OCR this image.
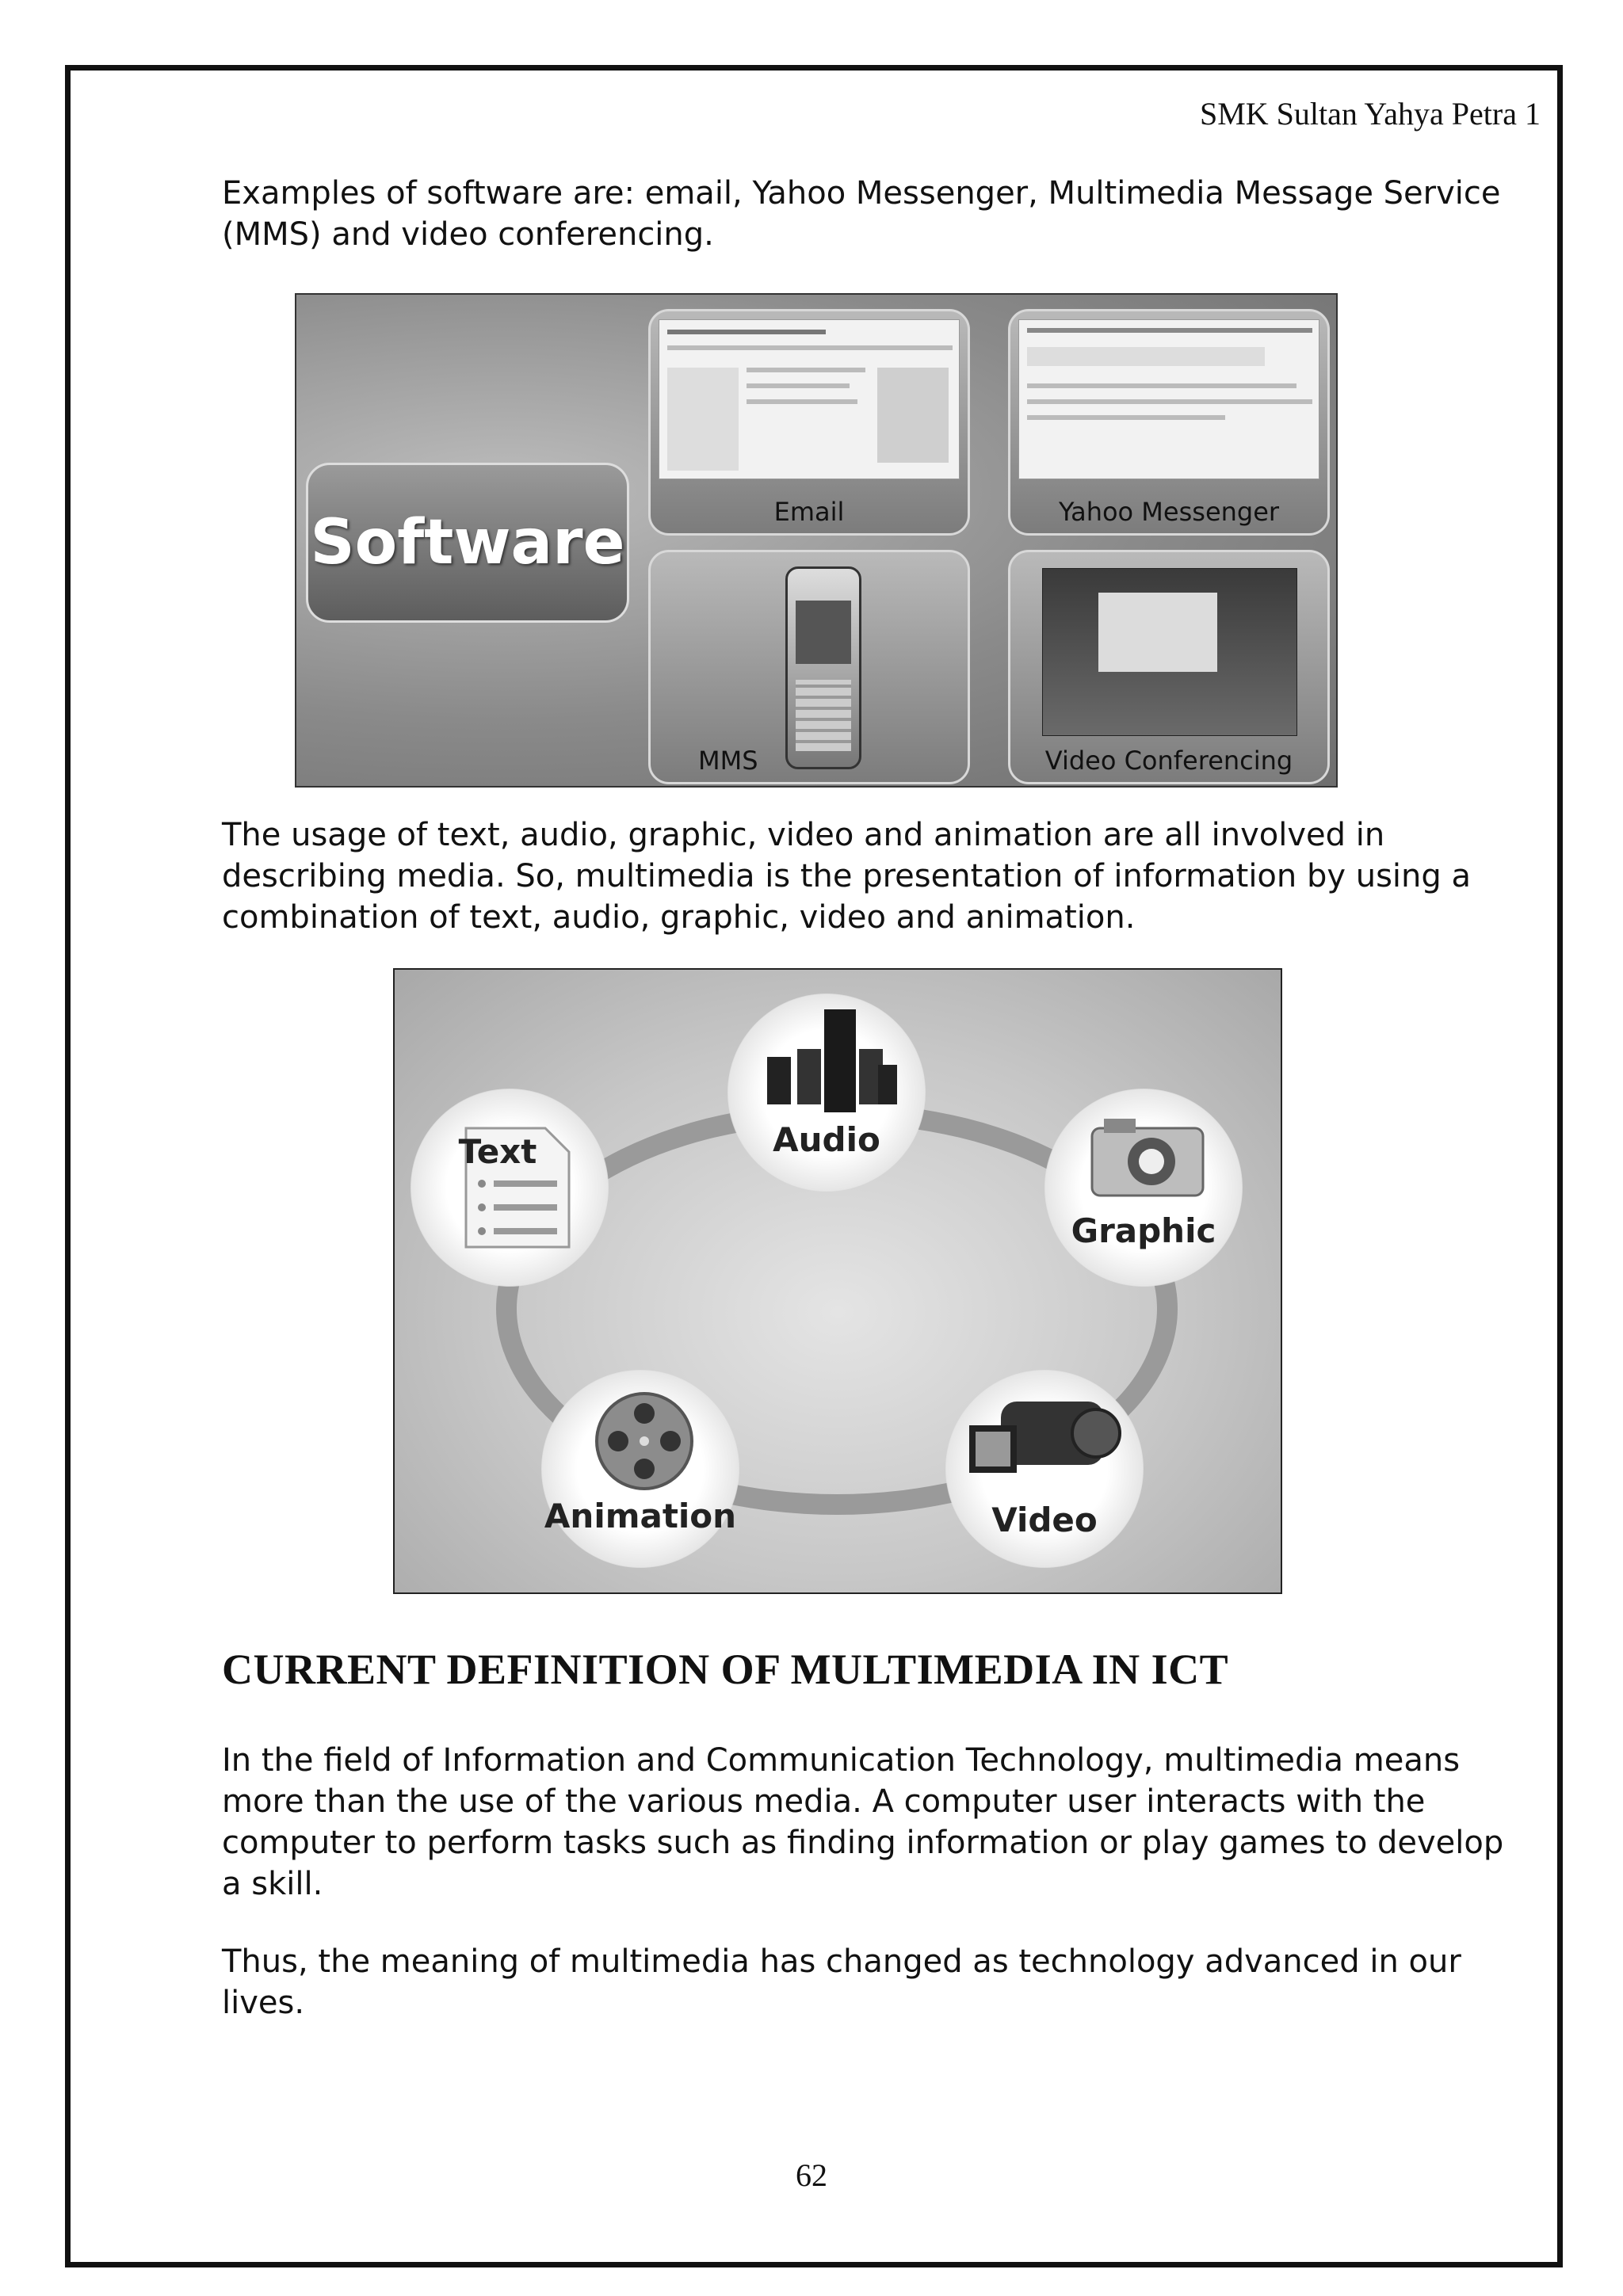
SMK Sultan Yahya Petra 1

Examples of software are: email, Yahoo Messenger, Multimedia Message Service (MMS) and video conferencing.

Software	Email	Yahoo Messenger
MMS	Video Conferencing

The usage of text, audio, graphic, video and animation are all involved in describing media. So, multimedia is the presentation of information by using a combination of text, audio, graphic, video and animation.

Text	Audio
Graphic
Animation	Video
CURRENT DEFINITION OF MULTIMEDIA IN ICT

In the field of Information and Communication Technology, multimedia means more than the use of the various media. A computer user interacts with the computer to perform tasks such as finding information or play games to develop a skill.

Thus, the meaning of multimedia has changed as technology advanced in our lives.

62
